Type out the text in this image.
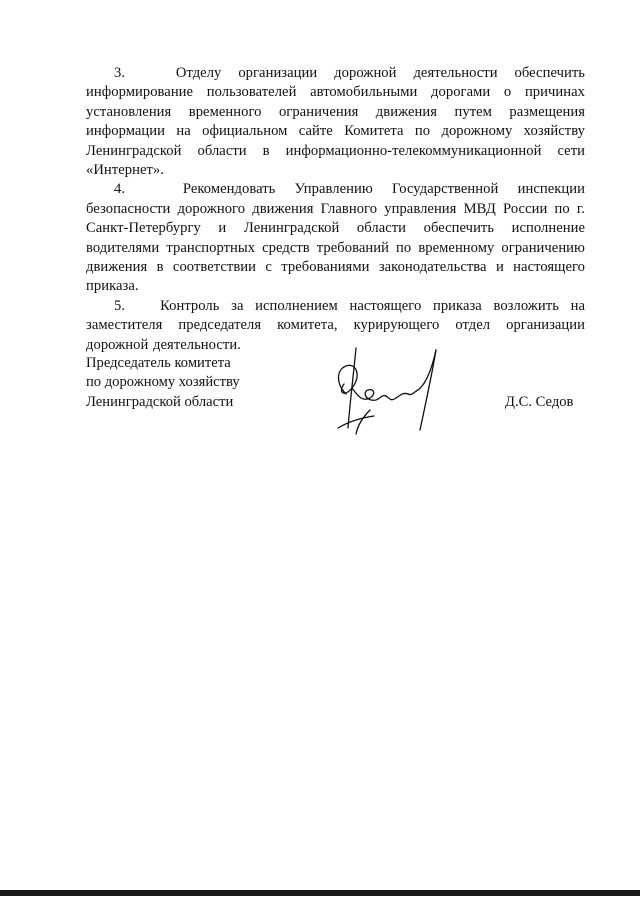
3.	Отделу организации дорожной деятельности обеспечить информирование пользователей автомобильными дорогами о причинах установления временного ограничения движения путем размещения информации на официальном сайте Комитета по дорожному хозяйству Ленинградской области в информационно-телекоммуникационной сети «Интернет».

4.	Рекомендовать Управлению Государственной инспекции безопасности дорожного движения Главного управления МВД России по г. Санкт-Петербургу и Ленинградской области обеспечить исполнение водителями транспортных средств требований по временному ограничению движения в соответствии с требованиями законодательства и настоящего приказа.

5. Контроль за исполнением настоящего приказа возложить на заместителя председателя комитета, курирующего отдел организации дорожной деятельности.

Председатель комитета
по дорожному хозяйству
Ленинградской области	Д.С. Седов
